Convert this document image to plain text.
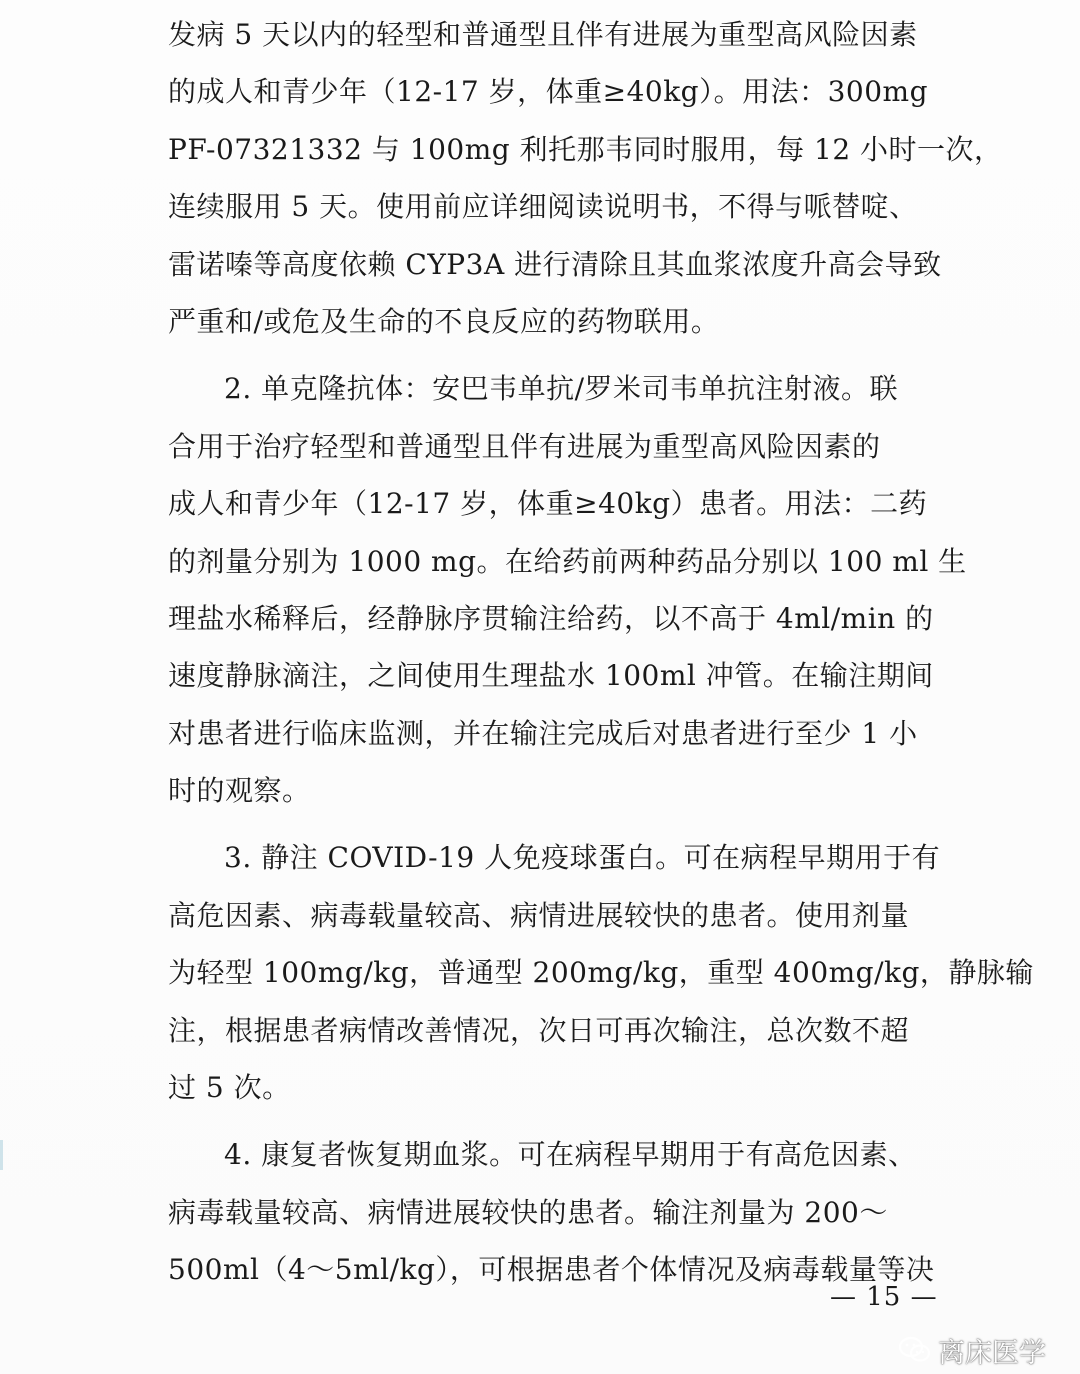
发病 5 天以内的轻型和普通型且伴有进展为重型高风险因素
的成人和青少年（12-17 岁，体重≥40kg）。用法：300mg
PF-07321332 与 100mg 利托那韦同时服用，每 12 小时一次，
连续服用 5 天。使用前应详细阅读说明书，不得与哌替啶、
雷诺嗪等高度依赖 CYP3A 进行清除且其血浆浓度升高会导致
严重和/或危及生命的不良反应的药物联用。
2. 单克隆抗体：安巴韦单抗/罗米司韦单抗注射液。联
合用于治疗轻型和普通型且伴有进展为重型高风险因素的
成人和青少年（12-17 岁，体重≥40kg）患者。用法：二药
的剂量分别为 1000 mg。在给药前两种药品分别以 100 ml 生
理盐水稀释后，经静脉序贯输注给药，以不高于 4ml/min 的
速度静脉滴注，之间使用生理盐水 100ml 冲管。在输注期间
对患者进行临床监测，并在输注完成后对患者进行至少 1 小
时的观察。
3. 静注 COVID-19 人免疫球蛋白。可在病程早期用于有
高危因素、病毒载量较高、病情进展较快的患者。使用剂量
为轻型 100mg/kg，普通型 200mg/kg，重型 400mg/kg，静脉输
注，根据患者病情改善情况，次日可再次输注，总次数不超
过 5 次。
4. 康复者恢复期血浆。可在病程早期用于有高危因素、
病毒载量较高、病情进展较快的患者。输注剂量为 200～
500ml（4～5ml/kg），可根据患者个体情况及病毒载量等决
— 15 —
离床医学
